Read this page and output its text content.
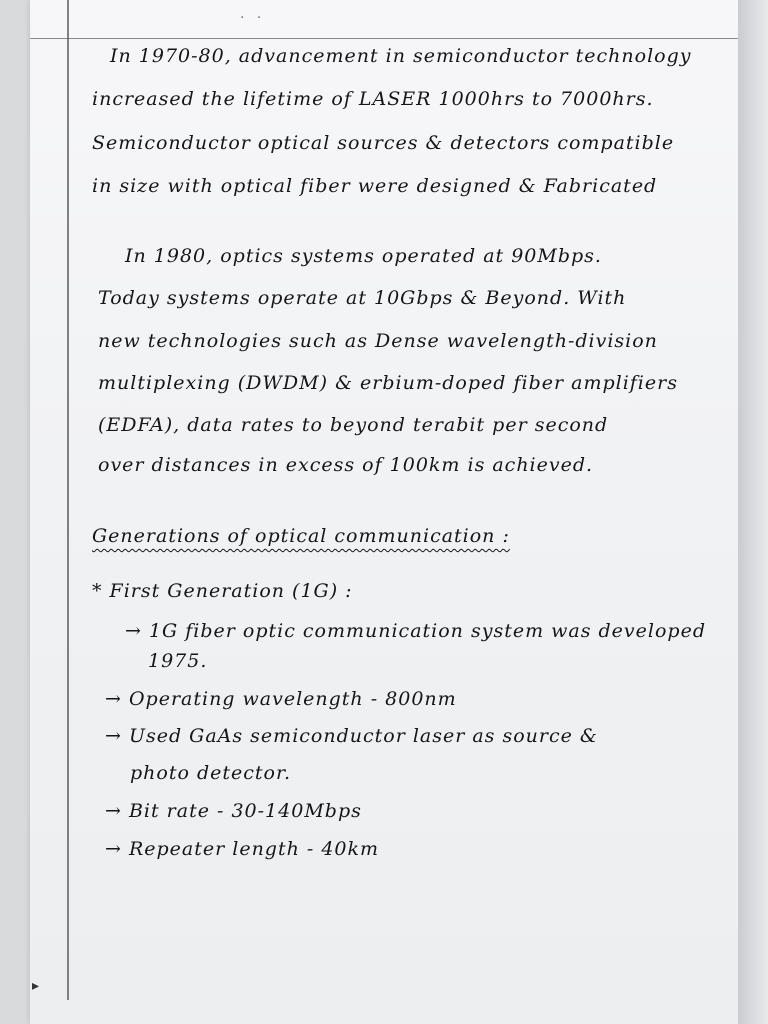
· ·
In 1970-80, advancement in semiconductor technology
increased the lifetime of LASER 1000hrs to 7000hrs.
Semiconductor optical sources & detectors compatible
in size with optical fiber were designed & Fabricated
In 1980, optics systems operated at 90Mbps.
Today systems operate at 10Gbps & Beyond. With
new technologies such as Dense wavelength-division
multiplexing (DWDM) & erbium-doped fiber amplifiers
(EDFA), data rates to beyond terabit per second
over distances in excess of 100km is achieved.
Generations of optical communication :
* First Generation (1G) :
→ 1G fiber optic communication system was developed
1975.
→ Operating wavelength - 800nm
→ Used GaAs semiconductor laser as source &
photo detector.
→ Bit rate - 30-140Mbps
→ Repeater length - 40km
▸
